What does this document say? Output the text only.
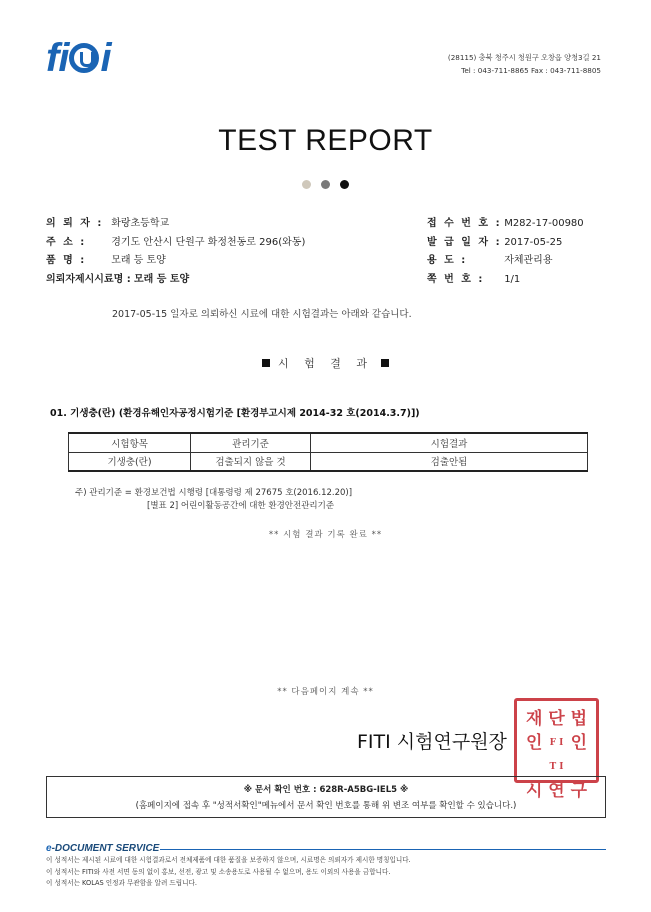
fi i	(28115) 충북 청주시 청원구 오창읍 양청3길 21
Tel : 043-711-8865 Fax : 043-711-8805
TEST REPORT

의 뢰 자 : 화랑초등학교
주 소 : 경기도 안산시 단원구 화정천동로 296(와동)
품 명 : 모래 등 토양
의뢰자제시시료명 : 모래 등 토양
접 수 번 호 : M282-17-00980
발 급 일 자 : 2017-05-25
용 도 :	자체관리용
쪽 번 호 : 1/1
2017-05-15 일자로 의뢰하신 시료에 대한 시험결과는 아래와 같습니다.
시 험 결 과
01. 기생충(란) (환경유해인자공정시험기준 [환경부고시제 2014-32 호(2014.3.7)])
시험항목	관리기준	시험결과
기생충(란)	검출되지 않을 것	검출안됨
주) 관리기준 = 환경보건법 시행령 [대통령령 제 27675 호(2016.12.20)]
[별표 2] 어린이활동공간에 대한 환경안전관리기준
** 시험 결과 기록 완료 **
** 다음페이지 계속 **
재 단 법
인 F I T I
인
시 연 구
FITI 시험연구원장
※ 문서 확인 번호 : 628R-A5BG-IEL5 ※
(홈페이지에 접속 후 "성적서확인"메뉴에서 문서 확인 번호를 통해 위 변조 여부를 확인할 수 있습니다.)
e-DOCUMENT SERVICE
이 성적서는 제시된 시료에 대한 시험결과로서 전체제품에 대한 품질을 보증하지 않으며, 시료명은 의뢰자가 제시한 명칭입니다.
이 성적서는 FITI와 사전 서면 동의 없이 홍보, 선전, 광고 및 소송용도로 사용될 수 없으며, 용도 이외의 사용을 금합니다.
이 성적서는 KOLAS 인정과 무관함을 알려 드립니다.
